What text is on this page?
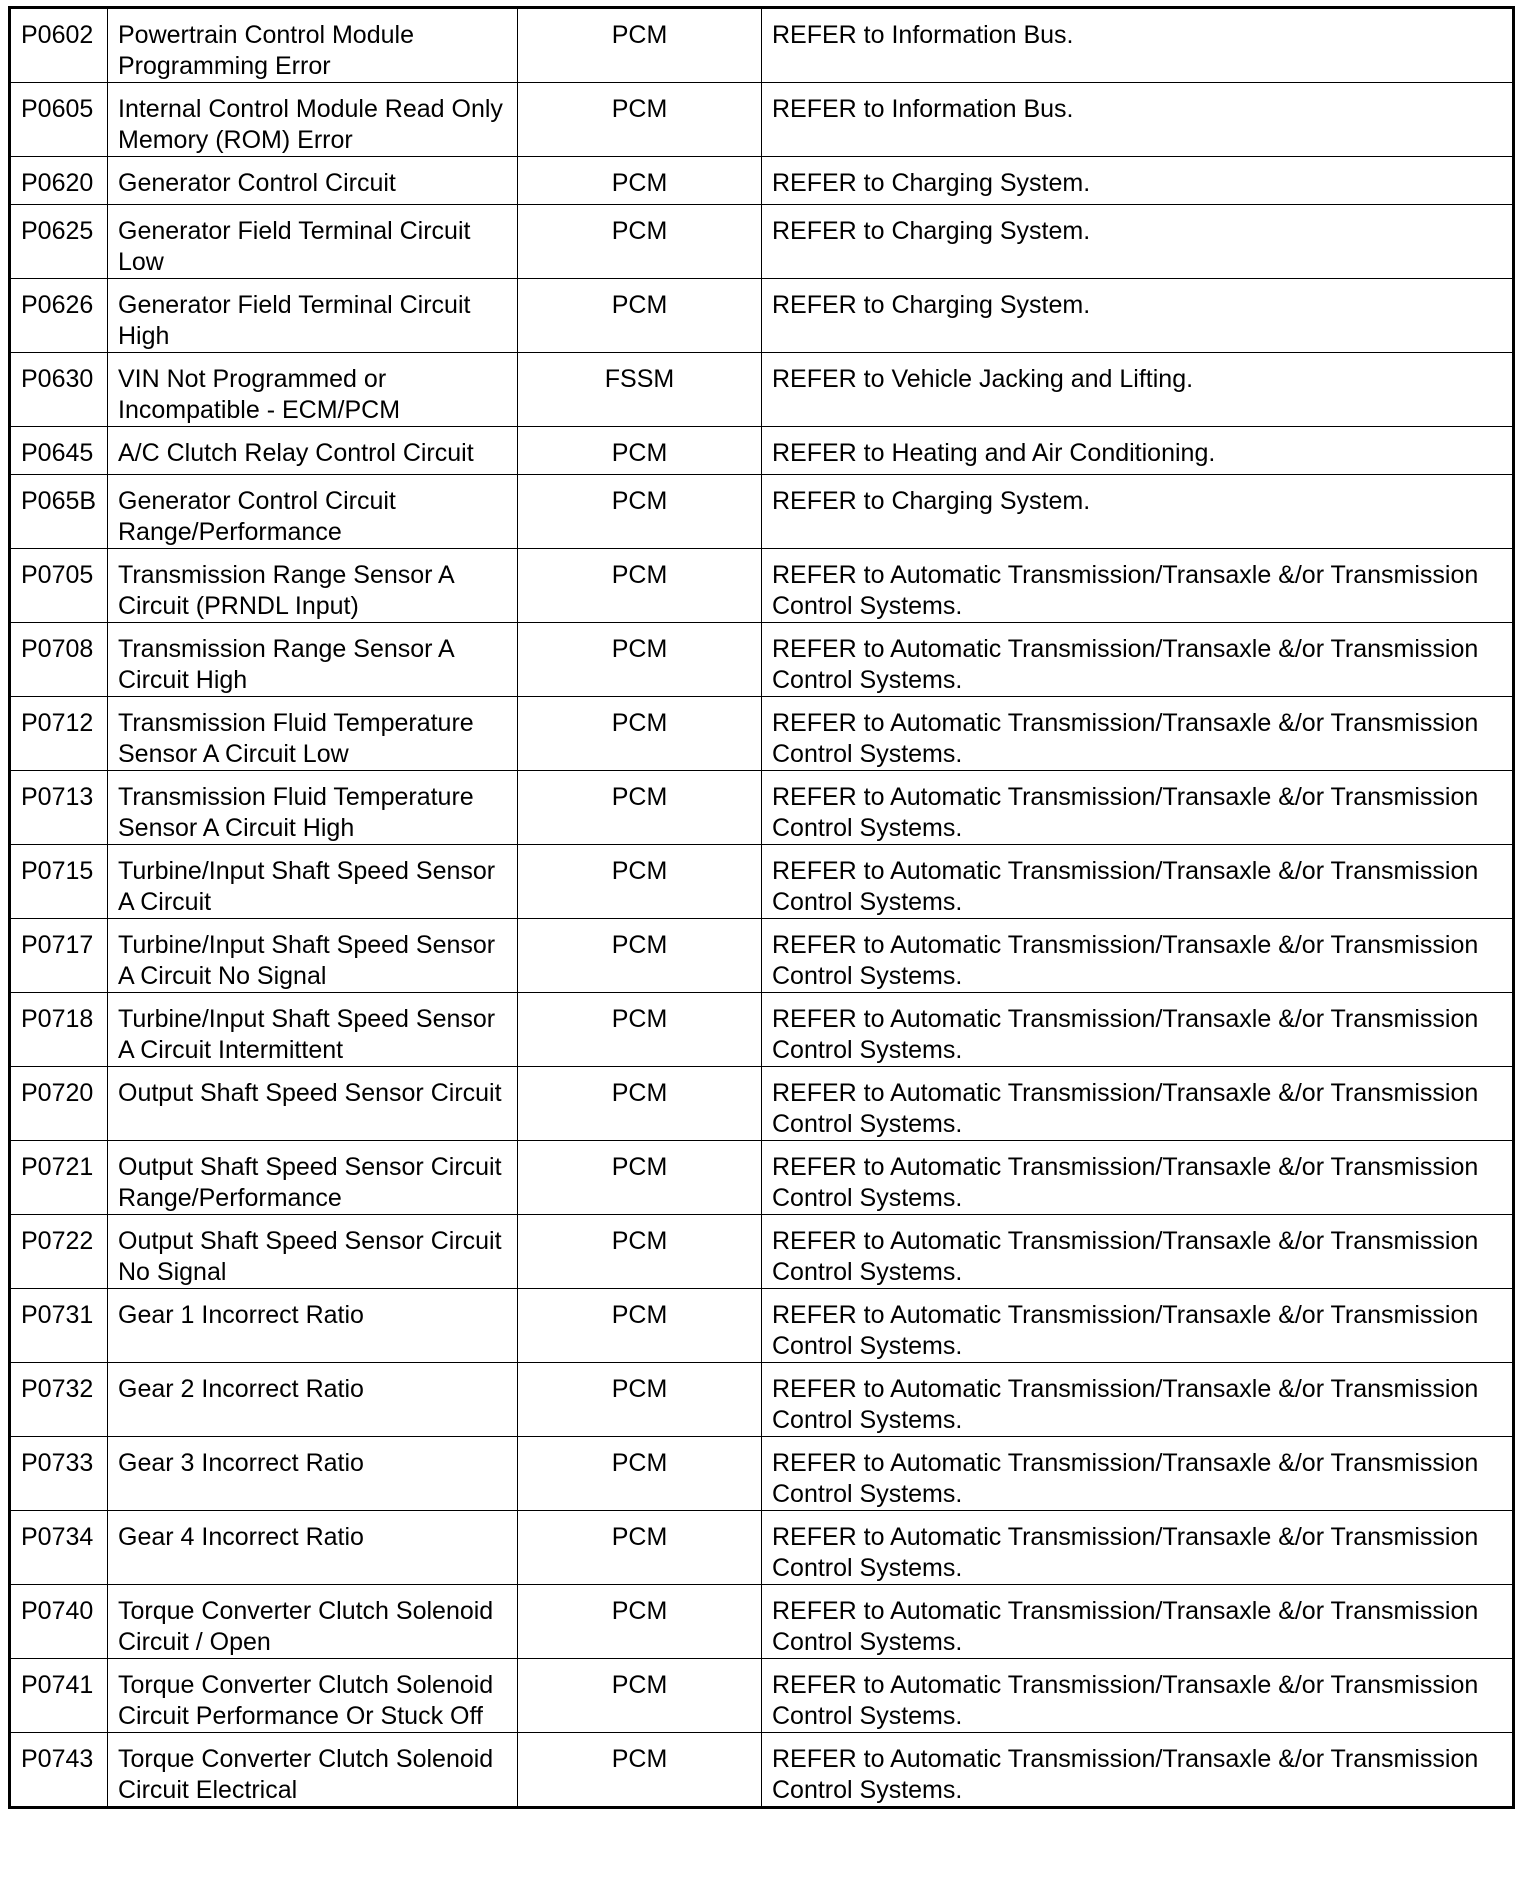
P0602	Powertrain Control Module Programming Error	PCM	REFER to Information Bus.
P0605	Internal Control Module Read Only Memory (ROM) Error	PCM	REFER to Information Bus.
P0620	Generator Control Circuit	PCM	REFER to Charging System.
P0625	Generator Field Terminal Circuit Low	PCM	REFER to Charging System.
P0626	Generator Field Terminal Circuit High	PCM	REFER to Charging System.
P0630	VIN Not Programmed or Incompatible - ECM/PCM	FSSM	REFER to Vehicle Jacking and Lifting.
P0645	A/C Clutch Relay Control Circuit	PCM	REFER to Heating and Air Conditioning.
P065B	Generator Control Circuit Range/Performance	PCM	REFER to Charging System.
P0705	Transmission Range Sensor A Circuit (PRNDL Input)	PCM	REFER to Automatic Transmission/Transaxle &/or Transmission Control Systems.
P0708	Transmission Range Sensor A Circuit High	PCM	REFER to Automatic Transmission/Transaxle &/or Transmission Control Systems.
P0712	Transmission Fluid Temperature Sensor A Circuit Low	PCM	REFER to Automatic Transmission/Transaxle &/or Transmission Control Systems.
P0713	Transmission Fluid Temperature Sensor A Circuit High	PCM	REFER to Automatic Transmission/Transaxle &/or Transmission Control Systems.
P0715	Turbine/Input Shaft Speed Sensor A Circuit	PCM	REFER to Automatic Transmission/Transaxle &/or Transmission Control Systems.
P0717	Turbine/Input Shaft Speed Sensor A Circuit No Signal	PCM	REFER to Automatic Transmission/Transaxle &/or Transmission Control Systems.
P0718	Turbine/Input Shaft Speed Sensor A Circuit Intermittent	PCM	REFER to Automatic Transmission/Transaxle &/or Transmission Control Systems.
P0720	Output Shaft Speed Sensor Circuit	PCM	REFER to Automatic Transmission/Transaxle &/or Transmission Control Systems.
P0721	Output Shaft Speed Sensor Circuit Range/Performance	PCM	REFER to Automatic Transmission/Transaxle &/or Transmission Control Systems.
P0722	Output Shaft Speed Sensor Circuit No Signal	PCM	REFER to Automatic Transmission/Transaxle &/or Transmission Control Systems.
P0731	Gear 1 Incorrect Ratio	PCM	REFER to Automatic Transmission/Transaxle &/or Transmission Control Systems.
P0732	Gear 2 Incorrect Ratio	PCM	REFER to Automatic Transmission/Transaxle &/or Transmission Control Systems.
P0733	Gear 3 Incorrect Ratio	PCM	REFER to Automatic Transmission/Transaxle &/or Transmission Control Systems.
P0734	Gear 4 Incorrect Ratio	PCM	REFER to Automatic Transmission/Transaxle &/or Transmission Control Systems.
P0740	Torque Converter Clutch Solenoid Circuit / Open	PCM	REFER to Automatic Transmission/Transaxle &/or Transmission Control Systems.
P0741	Torque Converter Clutch Solenoid Circuit Performance Or Stuck Off	PCM	REFER to Automatic Transmission/Transaxle &/or Transmission Control Systems.
P0743	Torque Converter Clutch Solenoid Circuit Electrical	PCM	REFER to Automatic Transmission/Transaxle &/or Transmission Control Systems.
